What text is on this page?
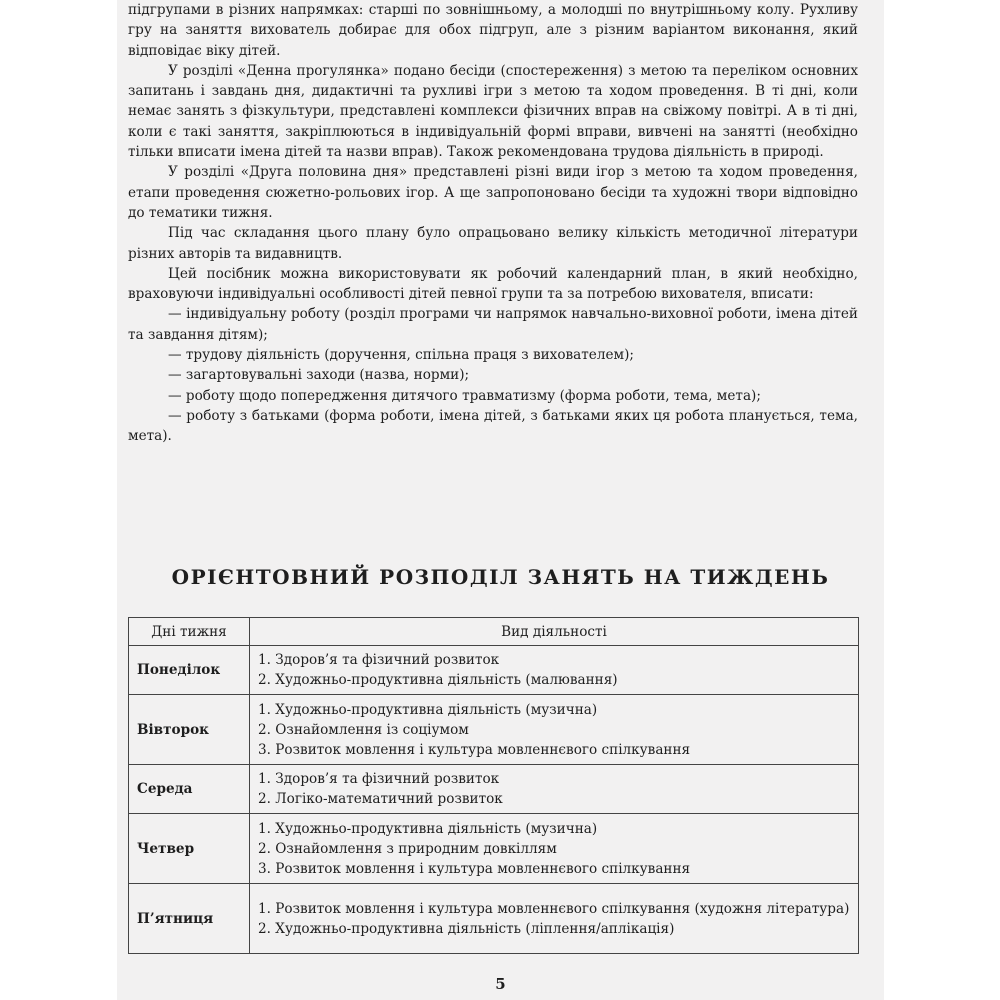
підгрупами в різних напрямках: старші по зовнішньому, а молодші по внутрішньому колу. Рухливу гру на заняття вихователь добирає для обох підгруп, але з різним варіантом виконання, який відповідає віку дітей.

У розділі «Денна прогулянка» подано бесіди (спостереження) з метою та переліком основних запитань і завдань дня, дидактичні та рухливі ігри з метою та ходом проведення. В ті дні, коли немає занять з фізкультури, представлені комплекси фізичних вправ на свіжому повітрі. А в ті дні, коли є такі заняття, закріплюються в індивідуальній формі вправи, вивчені на занятті (необхідно тільки вписати імена дітей та назви вправ). Також рекомендована трудова діяльність в природі.

У розділі «Друга половина дня» представлені різні види ігор з метою та ходом проведення, етапи проведення сюжетно-рольових ігор. А ще запропоновано бесіди та художні твори відповідно до тематики тижня.

Під час складання цього плану було опрацьовано велику кількість методичної літератури різних авторів та видавництв.

Цей посібник можна використовувати як робочий календарний план, в який необхідно, враховуючи індивідуальні особливості дітей певної групи та за потребою вихователя, вписати:

— індивідуальну роботу (розділ програми чи напрямок навчально-виховної роботи, імена дітей та завдання дітям);

— трудову діяльність (доручення, спільна праця з вихователем);

— загартовувальні заходи (назва, норми);

— роботу щодо попередження дитячого травматизму (форма роботи, тема, мета);

— роботу з батьками (форма роботи, імена дітей, з батьками яких ця робота планується, тема, мета).

ОРІЄНТОВНИЙ РОЗПОДІЛ ЗАНЯТЬ НА ТИЖДЕНЬ
Дні тижня	Вид діяльності
Понеділок	1. Здоров’я та фізичний розвиток
2. Художньо-продуктивна діяльність (малювання)

Вівторок	1. Художньо-продуктивна діяльність (музична)
2. Ознайомлення із соціумом
3. Розвиток мовлення і культура мовленнєвого спілкування

Середа	1. Здоров’я та фізичний розвиток
2. Логіко-математичний розвиток

Четвер	1. Художньо-продуктивна діяльність (музична)
2. Ознайомлення з природним довкіллям
3. Розвиток мовлення і культура мовленнєвого спілкування

П’ятниця	1. Розвиток мовлення і культура мовленнєвого спілкування (художня література)
2. Художньо-продуктивна діяльність (ліплення/аплікація)
5
